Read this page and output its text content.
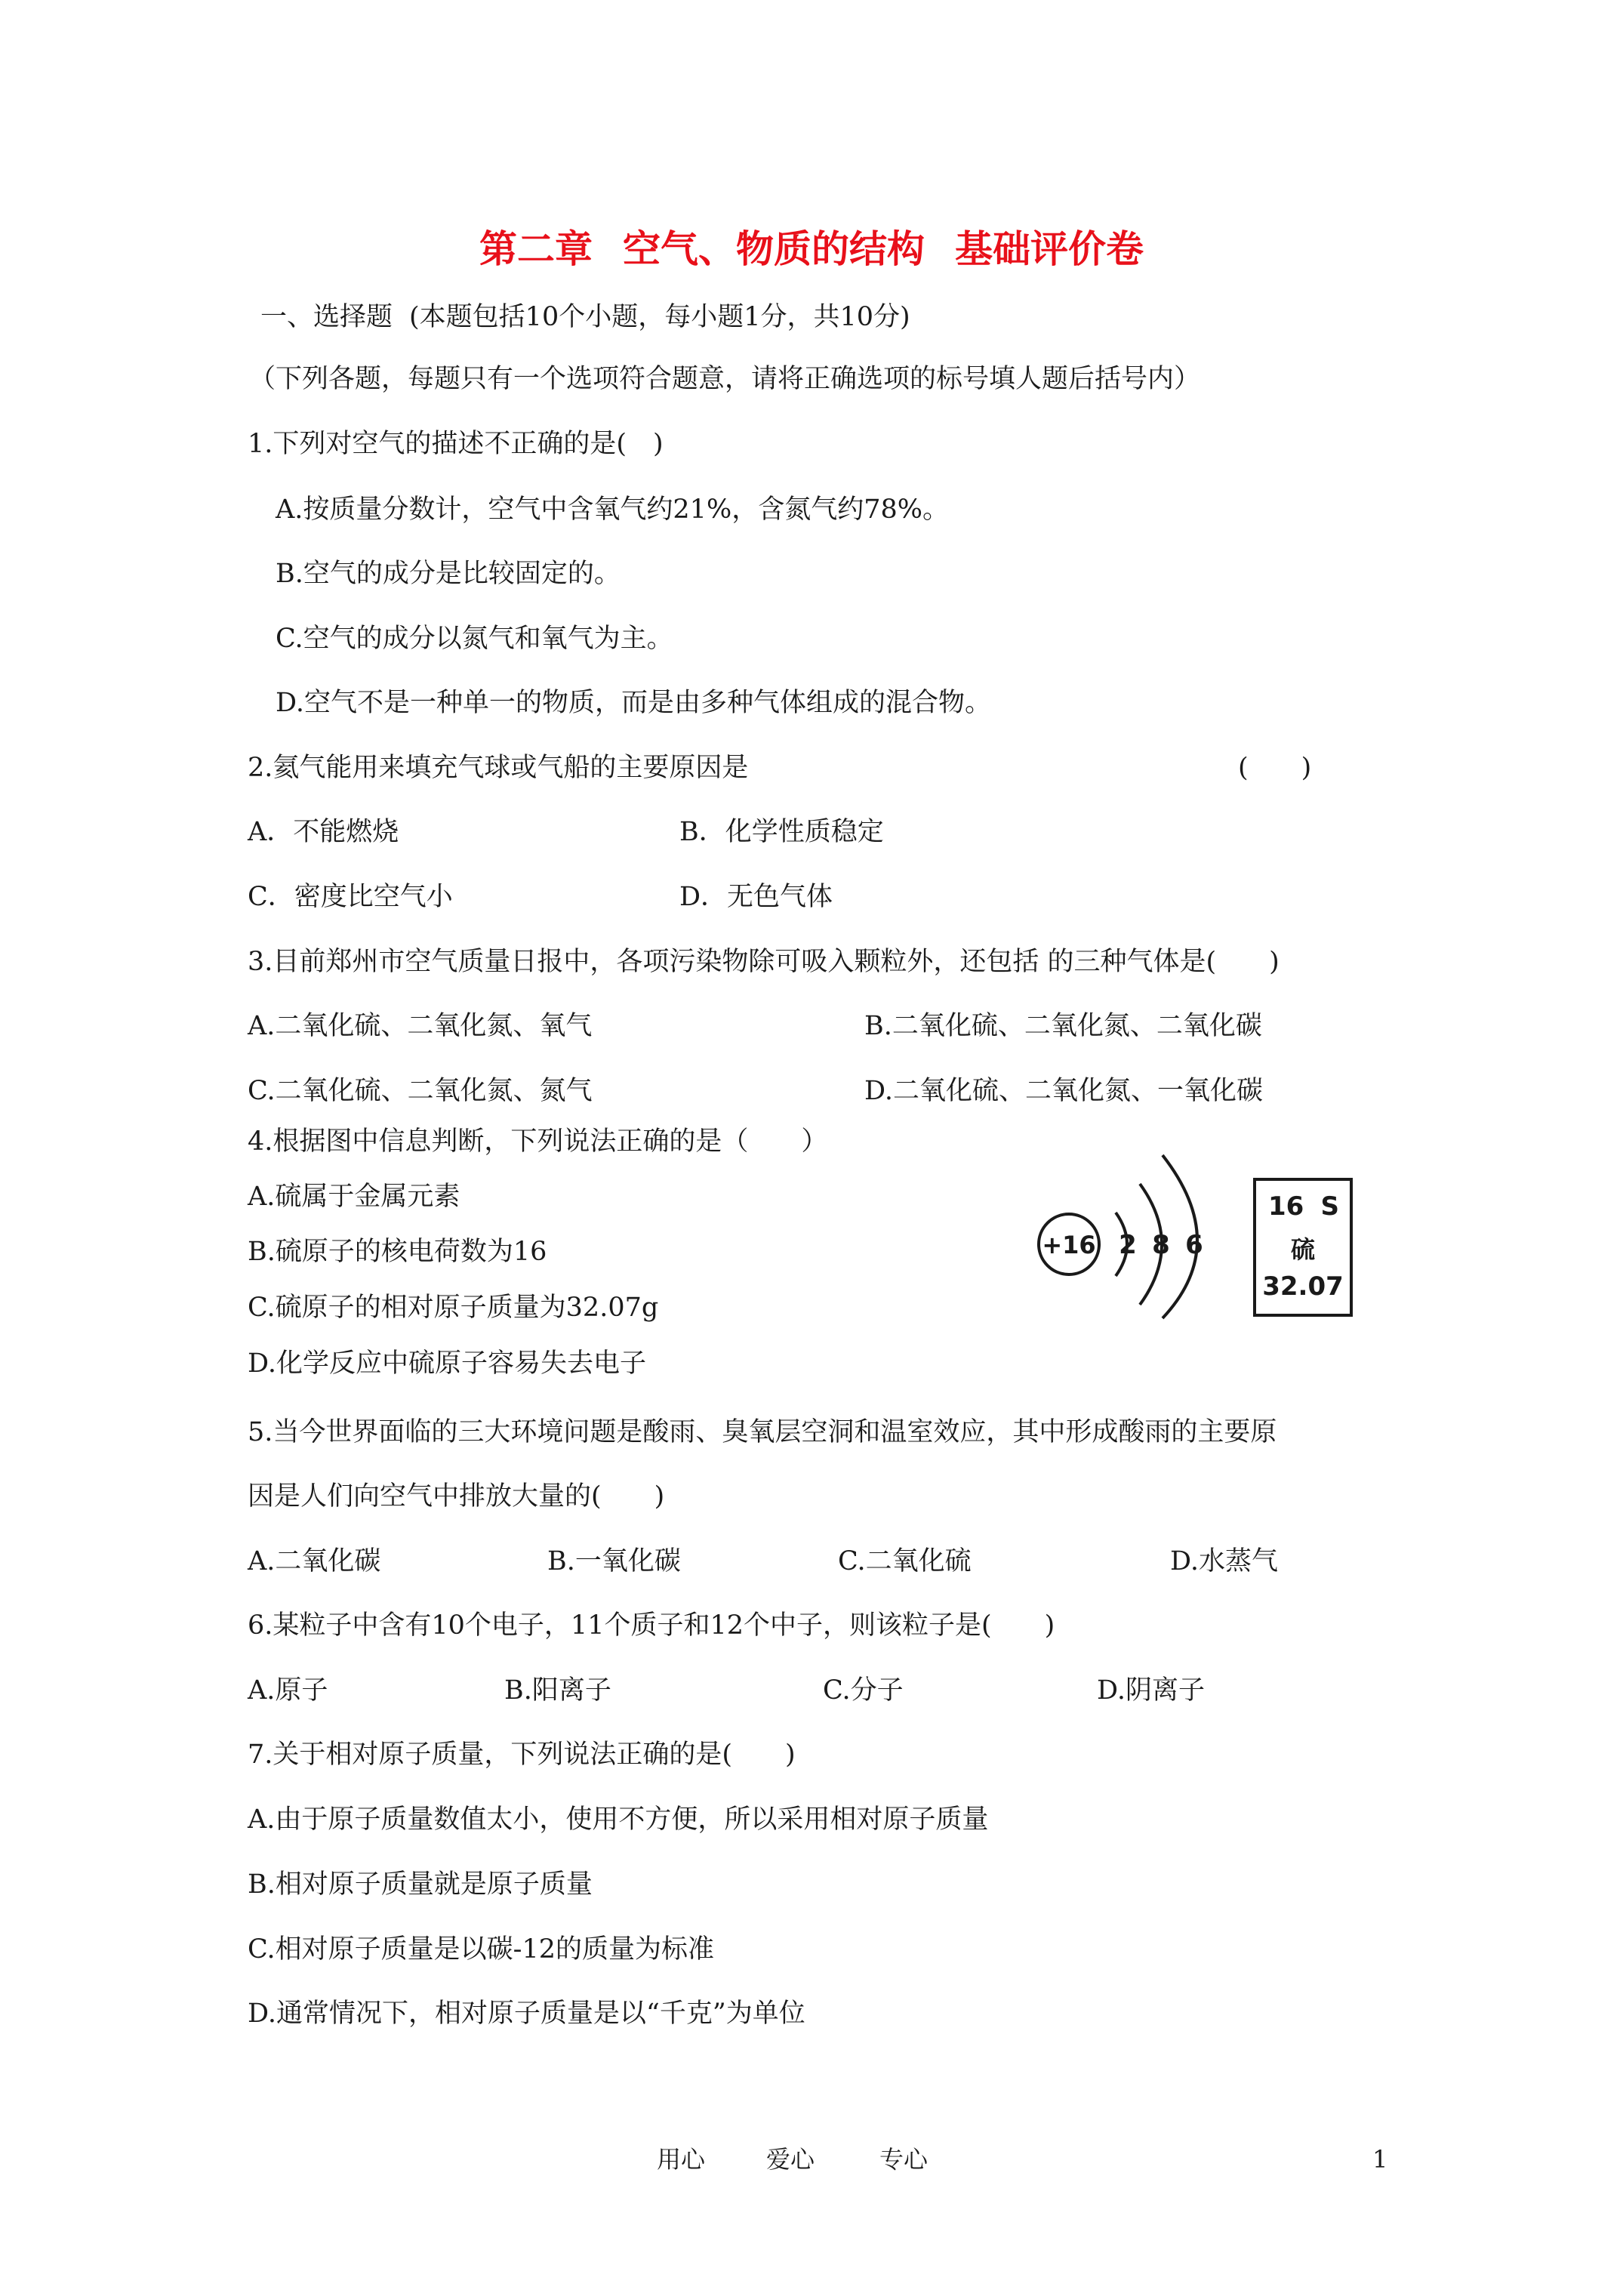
第二章 空气、物质的结构 基础评价卷
一、选择题 (本题包括10个小题，每小题1分，共10分)
（下列各题，每题只有一个选项符合题意，请将正确选项的标号填人题后括号内）
1.下列对空气的描述不正确的是(　)
A.按质量分数计，空气中含氧气约21%，含氮气约78%。
B.空气的成分是比较固定的。
C.空气的成分以氮气和氧气为主。
D.空气不是一种单一的物质，而是由多种气体组成的混合物。
2.氦气能用来填充气球或气船的主要原因是	(　　)
A．不能燃烧	B．化学性质稳定
C．密度比空气小	D．无色气体
3.目前郑州市空气质量日报中，各项污染物除可吸入颗粒外，还包括 的三种气体是(　　)
A.二氧化硫、二氧化氮、氧气	B.二氧化硫、二氧化氮、二氧化碳
C.二氧化硫、二氧化氮、氮气	D.二氧化硫、二氧化氮、一氧化碳
4.根据图中信息判断，下列说法正确的是（　　）
A.硫属于金属元素
B.硫原子的核电荷数为16
C.硫原子的相对原子质量为32.07g
D.化学反应中硫原子容易失去电子
+16 2 8 6
16 S
硫
32.07
5.当今世界面临的三大环境问题是酸雨、臭氧层空洞和温室效应，其中形成酸雨的主要原
因是人们向空气中排放大量的(　　)
A.二氧化碳	B.一氧化碳	C.二氧化硫	D.水蒸气
6.某粒子中含有10个电子，11个质子和12个中子，则该粒子是(　　)
A.原子	B.阳离子	C.分子	D.阴离子
7.关于相对原子质量，下列说法正确的是(　　)
A.由于原子质量数值太小，使用不方便，所以采用相对原子质量
B.相对原子质量就是原子质量
C.相对原子质量是以碳-12的质量为标准
D.通常情况下，相对原子质量是以“千克”为单位
用心	爱心	专心	1
